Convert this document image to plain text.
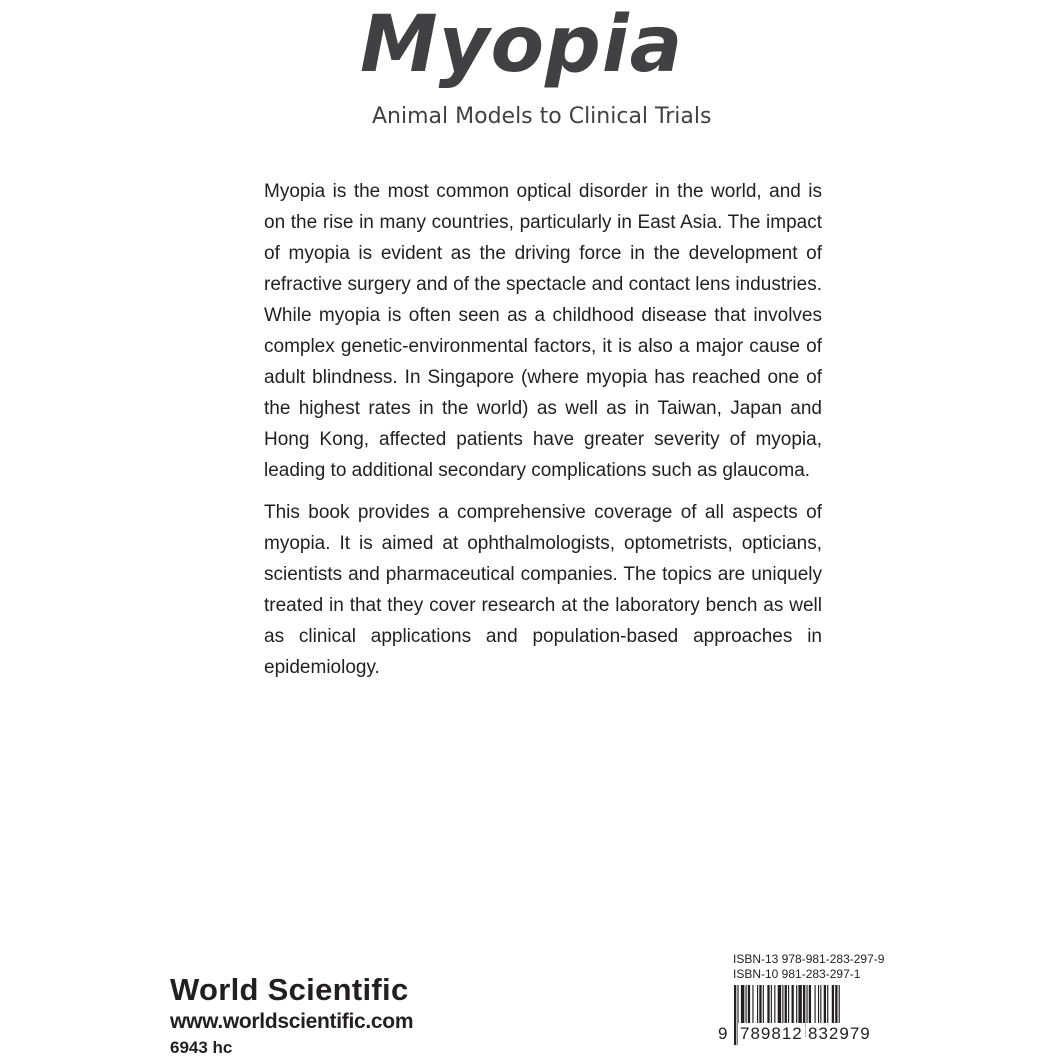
Myopia
Animal Models to Clinical Trials

Myopia is the most common optical disorder in the world, and is on the rise in many countries, particularly in East Asia. The impact of myopia is evident as the driving force in the development of refractive surgery and of the spectacle and contact lens industries. While myopia is often seen as a childhood disease that involves complex genetic-environmental factors, it is also a major cause of adult blindness. In Singapore (where myopia has reached one of the highest rates in the world) as well as in Taiwan, Japan and Hong Kong, affected patients have greater severity of myopia, leading to additional secondary complications such as glaucoma.

This book provides a comprehensive coverage of all aspects of myopia. It is aimed at ophthalmologists, optometrists, opticians, scientists and pharmaceutical companies. The topics are uniquely treated in that they cover research at the laboratory bench as well as clinical applications and population-based approaches in epidemiology.

World Scientific
www.worldscientific.com
6943 hc
ISBN-13 978-981-283-297-9
ISBN-10 981-283-297-1
9 789812 832979
